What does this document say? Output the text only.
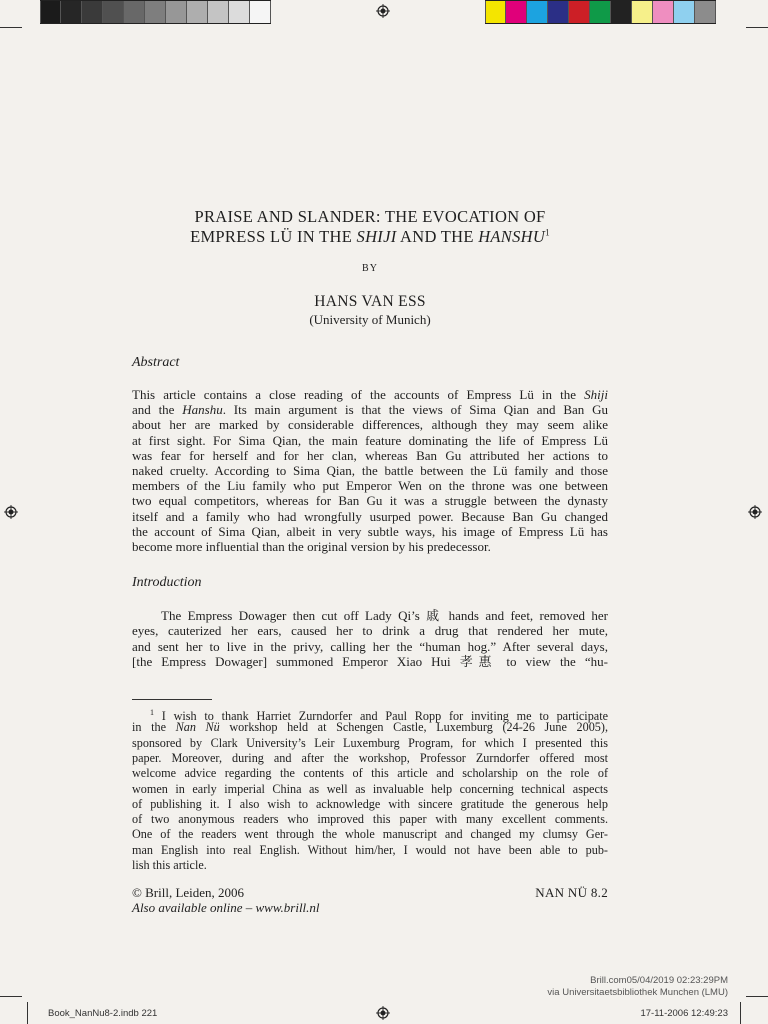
PRAISE AND SLANDER: THE EVOCATION OF
EMPRESS LÜ IN THE SHIJI AND THE HANSHU$^1$
BY
HANS VAN ESS
(University of Munich)
Abstract
This article contains a close reading of the accounts of Empress Lü in the Shiji
and the Hanshu. Its main argument is that the views of Sima Qian and Ban Gu
about her are marked by considerable differences, although they may seem alike
at first sight. For Sima Qian, the main feature dominating the life of Empress Lü
was fear for herself and for her clan, whereas Ban Gu attributed her actions to
naked cruelty. According to Sima Qian, the battle between the Lü family and those
members of the Liu family who put Emperor Wen on the throne was one between
two equal competitors, whereas for Ban Gu it was a struggle between the dynasty
itself and a family who had wrongfully usurped power. Because Ban Gu changed
the account of Sima Qian, albeit in very subtle ways, his image of Empress Lü has
become more influential than the original version by his predecessor.
Introduction
The Empress Dowager then cut off Lady Qi’s 戚 hands and feet, removed her
eyes, cauterized her ears, caused her to drink a drug that rendered her mute,
and sent her to live in the privy, calling her the “human hog.” After several days,
[the Empress Dowager] summoned Emperor Xiao Hui 孝惠 to view the “hu-
$^1$ I wish to thank Harriet Zurndorfer and Paul Ropp for inviting me to participate
in the Nan Nü workshop held at Schengen Castle, Luxemburg (24-26 June 2005),
sponsored by Clark University’s Leir Luxemburg Program, for which I presented this
paper. Moreover, during and after the workshop, Professor Zurndorfer offered most
welcome advice regarding the contents of this article and scholarship on the role of
women in early imperial China as well as invaluable help concerning technical aspects
of publishing it. I also wish to acknowledge with sincere gratitude the generous help
of two anonymous readers who improved this paper with many excellent comments.
One of the readers went through the whole manuscript and changed my clumsy Ger-
man English into real English. Without him/her, I would not have been able to pub-
lish this article.
© Brill, Leiden, 2006
Also available online – www.brill.nl
NAN NÜ 8.2
Brill.com05/04/2019 02:23:29PM
via Universitaetsbibliothek Munchen (LMU)
Book_NanNu8-2.indb 221	17-11-2006 12:49:23
